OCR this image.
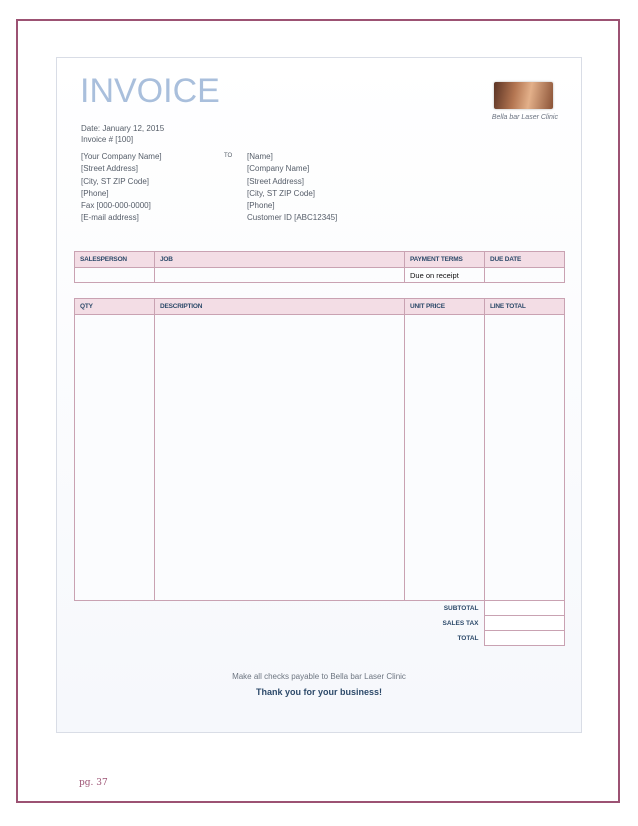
INVOICE
Bella bar Laser Clinic
Date: January 12, 2015
Invoice # [100]
[Your Company Name]
[Street Address]
[City, ST ZIP Code]
[Phone]
Fax [000-000-0000]
[E-mail address]
TO [Name]
[Company Name]
[Street Address]
[City, ST ZIP Code]
[Phone]
Customer ID [ABC12345]
SALESPERSON	JOB	PAYMENT TERMS	DUE DATE
		Due on receipt	
QTY	DESCRIPTION	UNIT PRICE	LINE TOTAL

SUBTOTAL	
SALES TAX	
TOTAL	
Make all checks payable to Bella bar Laser Clinic
Thank you for your business!
pg. 37
